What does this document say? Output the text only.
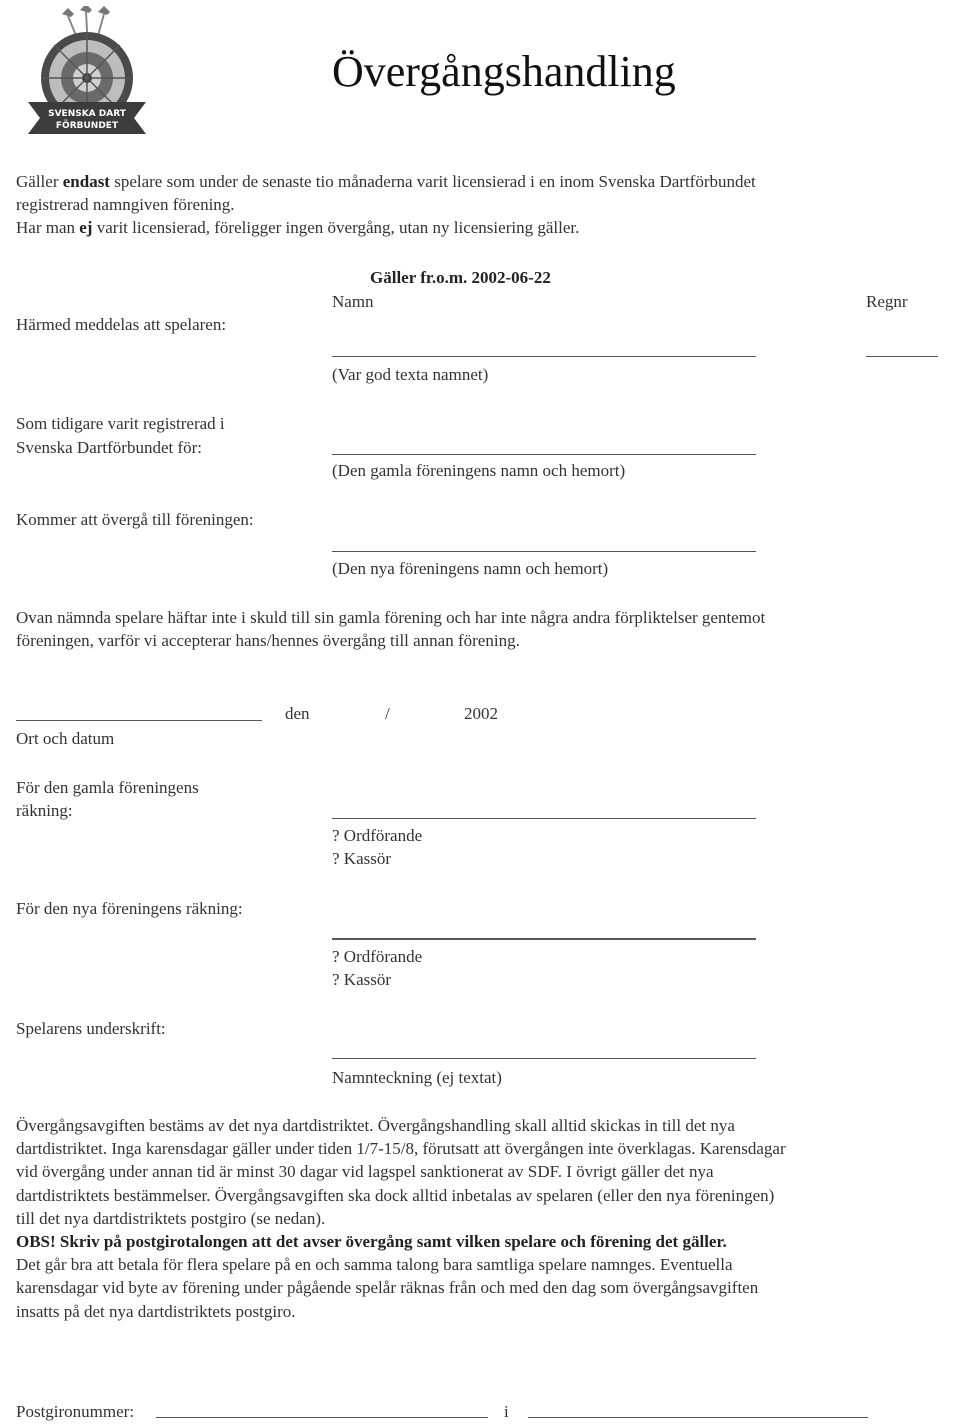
SVENSKA DART
FÖRBUNDET
Övergångshandling
Gäller endast spelare som under de senaste tio månaderna varit licensierad i en inom Svenska Dartförbundet
registrerad namngiven förening.
Har man ej varit licensierad, föreligger ingen övergång, utan ny licensiering gäller.
Gäller fr.o.m. 2002-06-22
Namn	Regnr
Härmed meddelas att spelaren:
(Var god texta namnet)
Som tidigare varit registrerad i
Svenska Dartförbundet för:
(Den gamla föreningens namn och hemort)
Kommer att övergå till föreningen:
(Den nya föreningens namn och hemort)
Ovan nämnda spelare häftar inte i skuld till sin gamla förening och har inte några andra förpliktelser gentemot
föreningen, varför vi accepterar hans/hennes övergång till annan förening.
den	/	2002
Ort och datum
För den gamla föreningens
räkning:
? Ordförande
? Kassör
För den nya föreningens räkning:
? Ordförande
? Kassör
Spelarens underskrift:
Namnteckning (ej textat)
Övergångsavgiften bestäms av det nya dartdistriktet. Övergångshandling skall alltid skickas in till det nya
dartdistriktet. Inga karensdagar gäller under tiden 1/7-15/8, förutsatt att övergången inte överklagas. Karensdagar
vid övergång under annan tid är minst 30 dagar vid lagspel sanktionerat av SDF. I övrigt gäller det nya
dartdistriktets bestämmelser. Övergångsavgiften ska dock alltid inbetalas av spelaren (eller den nya föreningen)
till det nya dartdistriktets postgiro (se nedan).
OBS! Skriv på postgirotalongen att det avser övergång samt vilken spelare och förening det gäller.
Det går bra att betala för flera spelare på en och samma talong bara samtliga spelare namnges. Eventuella
karensdagar vid byte av förening under pågående spelår räknas från och med den dag som övergångsavgiften
insatts på det nya dartdistriktets postgiro.
Postgironummer:	i
